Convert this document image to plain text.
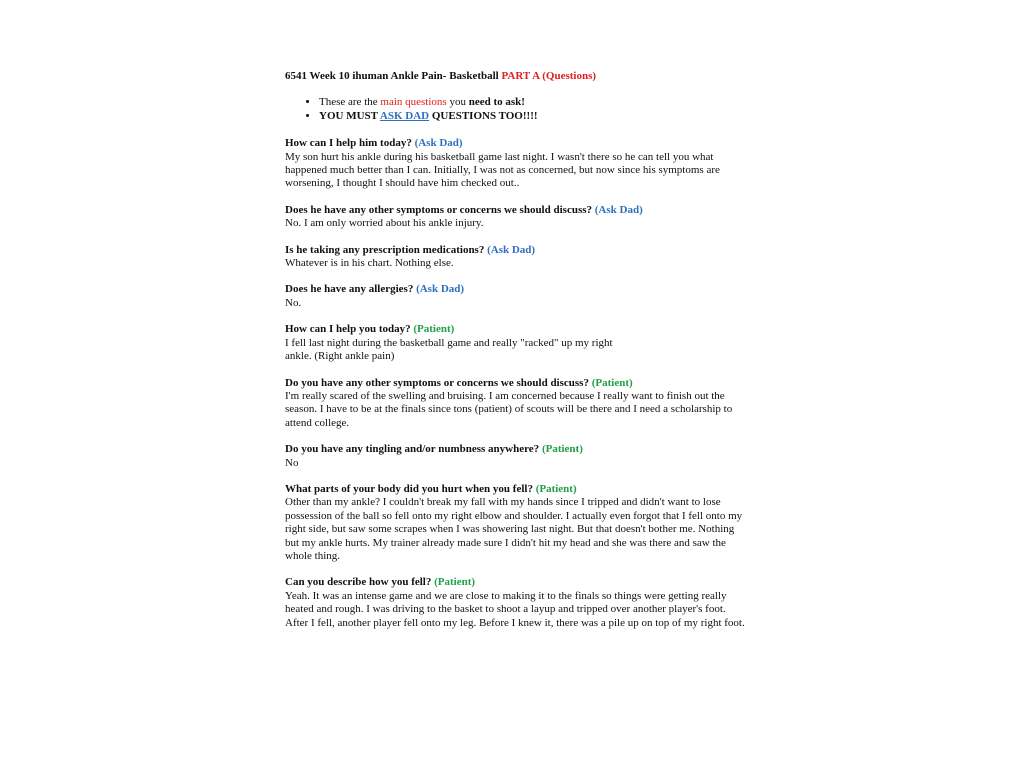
6541 Week 10 ihuman Ankle Pain- Basketball PART A (Questions)
• These are the main questions you need to ask!
• YOU MUST ASK DAD QUESTIONS TOO!!!!
How can I help him today? (Ask Dad)
My son hurt his ankle during his basketball game last night. I wasn't there so he can tell you what happened much better than I can. Initially, I was not as concerned, but now since his symptoms are worsening, I thought I should have him checked out..
Does he have any other symptoms or concerns we should discuss? (Ask Dad)
No. I am only worried about his ankle injury.
Is he taking any prescription medications? (Ask Dad)
Whatever is in his chart. Nothing else.
Does he have any allergies? (Ask Dad)
No.
How can I help you today? (Patient)
I fell last night during the basketball game and really "racked" up my right
ankle. (Right ankle pain)
Do you have any other symptoms or concerns we should discuss? (Patient)
I'm really scared of the swelling and bruising. I am concerned because I really want to finish out the season. I have to be at the finals since tons (patient) of scouts will be there and I need a scholarship to attend college.
Do you have any tingling and/or numbness anywhere? (Patient)
No
What parts of your body did you hurt when you fell? (Patient)
Other than my ankle? I couldn't break my fall with my hands since I tripped and didn't want to lose possession of the ball so fell onto my right elbow and shoulder. I actually even forgot that I fell onto my right side, but saw some scrapes when I was showering last night. But that doesn't bother me. Nothing but my ankle hurts. My trainer already made sure I didn't hit my head and she was there and saw the whole thing.
Can you describe how you fell? (Patient)
Yeah. It was an intense game and we are close to making it to the finals so things were getting really heated and rough. I was driving to the basket to shoot a layup and tripped over another player's foot. After I fell, another player fell onto my leg. Before I knew it, there was a pile up on top of my right foot.
